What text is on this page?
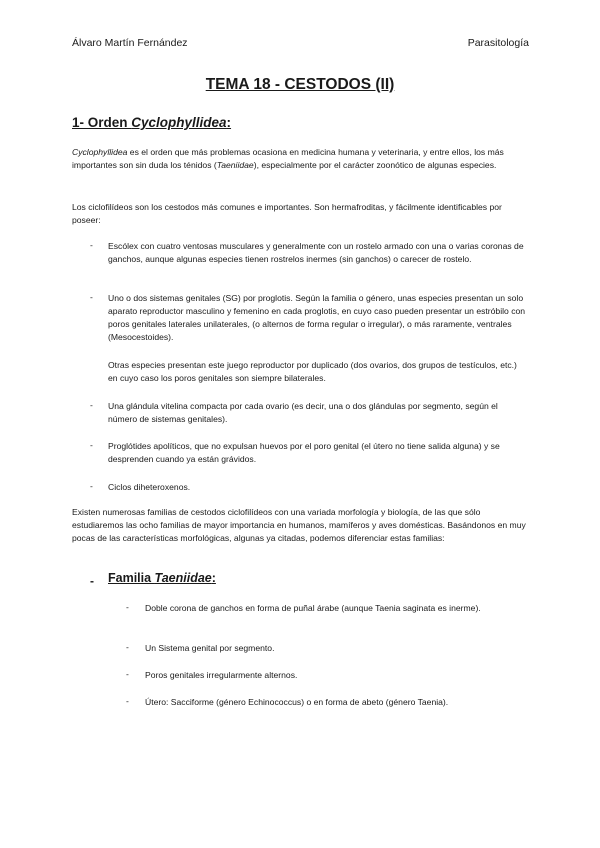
Álvaro Martín Fernández	Parasitología
TEMA 18 - CESTODOS (II)
1- Orden Cyclophyllidea:
Cyclophyllidea es el orden que más problemas ocasiona en medicina humana y veterinaria, y entre ellos, los más importantes son sin duda los ténidos (Taeniidae), especialmente por el carácter zoonótico de algunas especies.
Los ciclofilídeos son los cestodos más comunes e importantes. Son hermafroditas, y fácilmente identificables por poseer:
- Escólex con cuatro ventosas musculares y generalmente con un rostelo armado con una o varias coronas de ganchos, aunque algunas especies tienen rostrelos inermes (sin ganchos) o carecer de rostelo.
- Uno o dos sistemas genitales (SG) por proglotis. Según la familia o género, unas especies presentan un solo aparato reproductor masculino y femenino en cada proglotis, en cuyo caso pueden presentar un estróbilo con poros genitales laterales unilaterales, (o alternos de forma regular o irregular), o más raramente, ventrales (Mesocestoides).
Otras especies presentan este juego reproductor por duplicado (dos ovarios, dos grupos de testículos, etc.) en cuyo caso los poros genitales son siempre bilaterales.
- Una glándula vitelina compacta por cada ovario (es decir, una o dos glándulas por segmento, según el número de sistemas genitales).
- Proglótides apolíticos, que no expulsan huevos por el poro genital (el útero no tiene salida alguna) y se desprenden cuando ya están grávidos.
- Ciclos diheteroxenos.
Existen numerosas familias de cestodos ciclofilídeos con una variada morfología y biología, de las que sólo estudiaremos las ocho familias de mayor importancia en humanos, mamíferos y aves domésticas. Basándonos en muy pocas de las características morfológicas, algunas ya citadas, podemos diferenciar estas familias:
- Familia Taeniidae:
- Doble corona de ganchos en forma de puñal árabe (aunque Taenia saginata es inerme).
- Un Sistema genital por segmento.
- Poros genitales irregularmente alternos.
- Útero: Sacciforme (género Echinococcus) o en forma de abeto (género Taenia).
